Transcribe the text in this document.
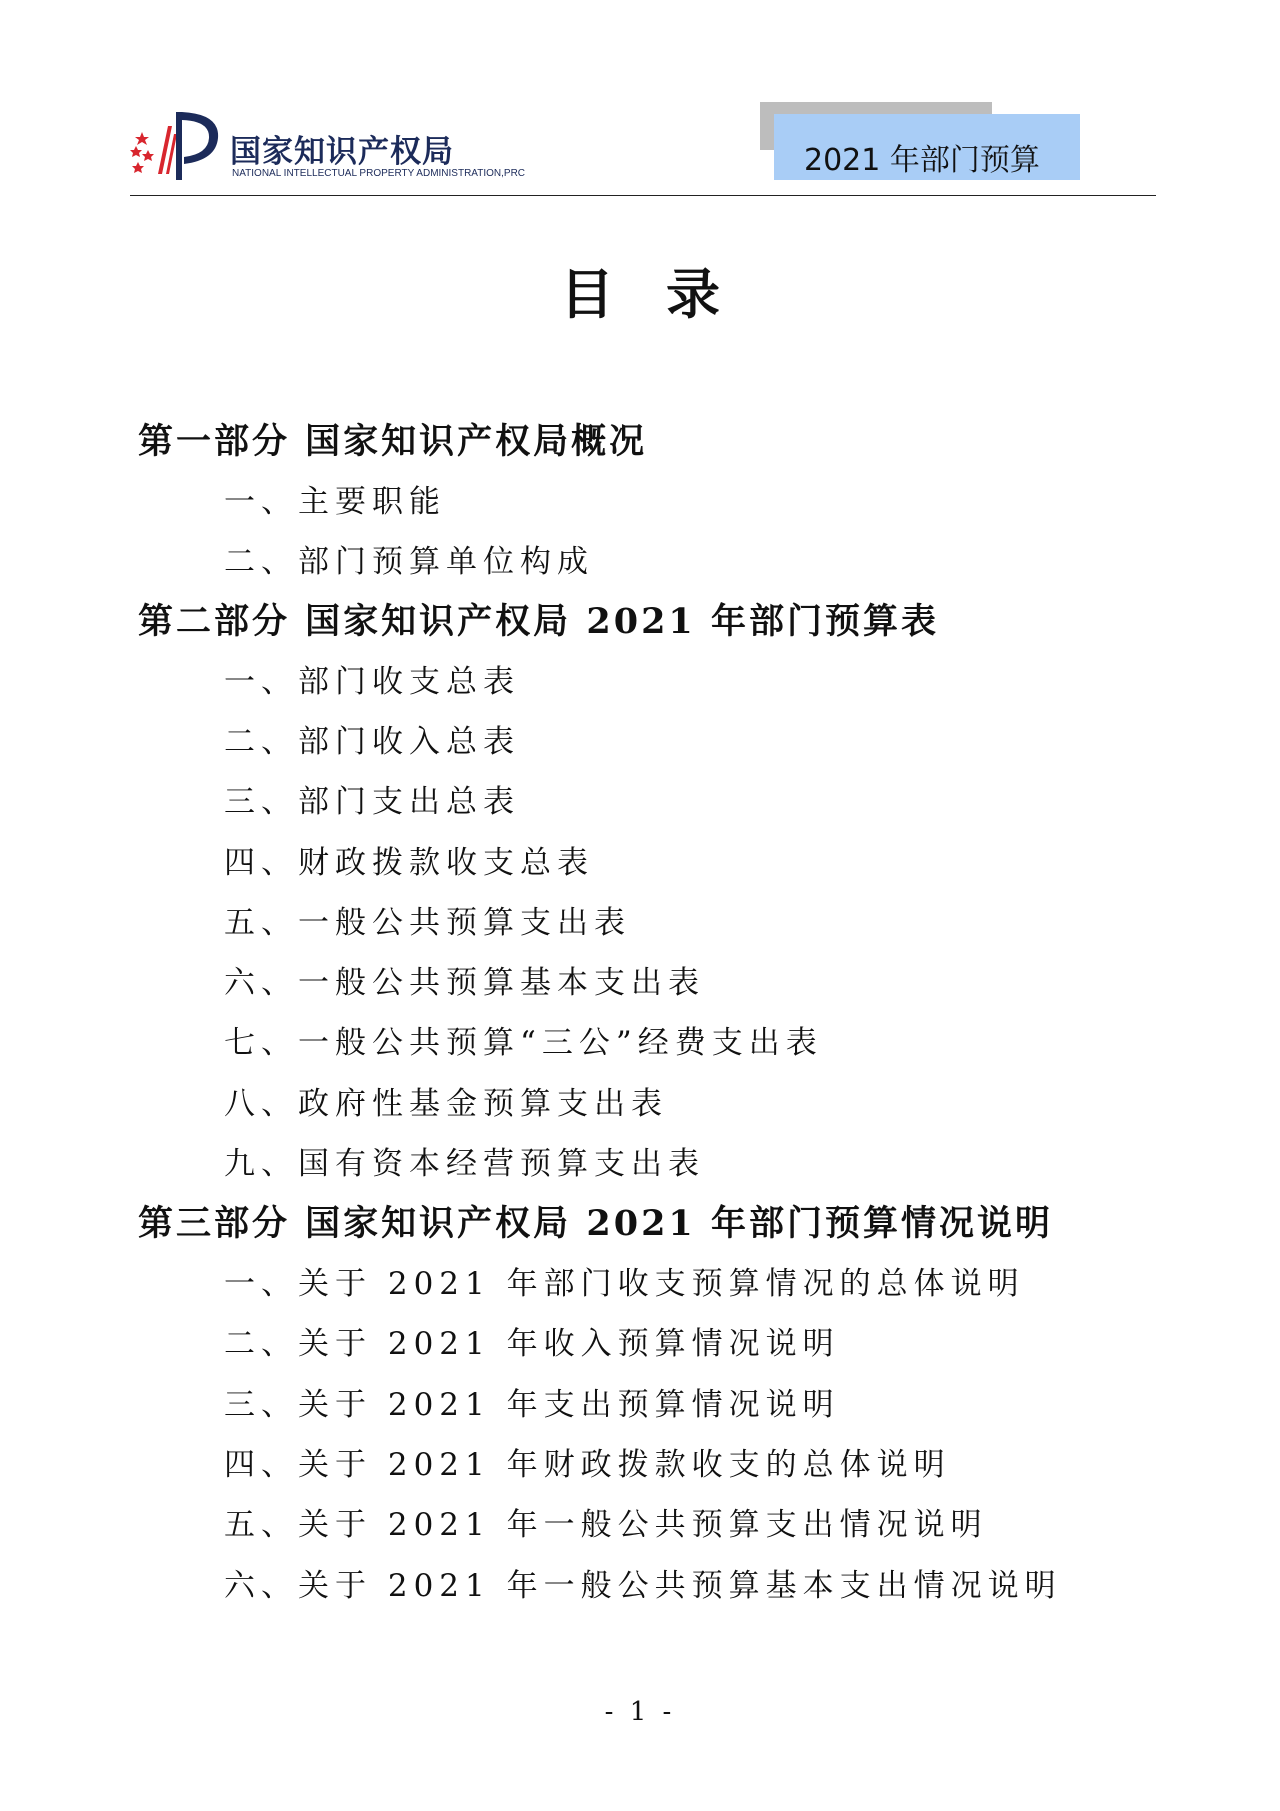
国家知识产权局
NATIONAL INTELLECTUAL PROPERTY ADMINISTRATION,PRC	2021 年部门预算
目录
第一部分 国家知识产权局概况
一、主要职能
二、部门预算单位构成
第二部分 国家知识产权局 2021 年部门预算表
一、部门收支总表
二、部门收入总表
三、部门支出总表
四、财政拨款收支总表
五、一般公共预算支出表
六、一般公共预算基本支出表
七、一般公共预算“三公”经费支出表
八、政府性基金预算支出表
九、国有资本经营预算支出表
第三部分 国家知识产权局 2021 年部门预算情况说明
一、关于 2021 年部门收支预算情况的总体说明
二、关于 2021 年收入预算情况说明
三、关于 2021 年支出预算情况说明
四、关于 2021 年财政拨款收支的总体说明
五、关于 2021 年一般公共预算支出情况说明
六、关于 2021 年一般公共预算基本支出情况说明
- 1 -
